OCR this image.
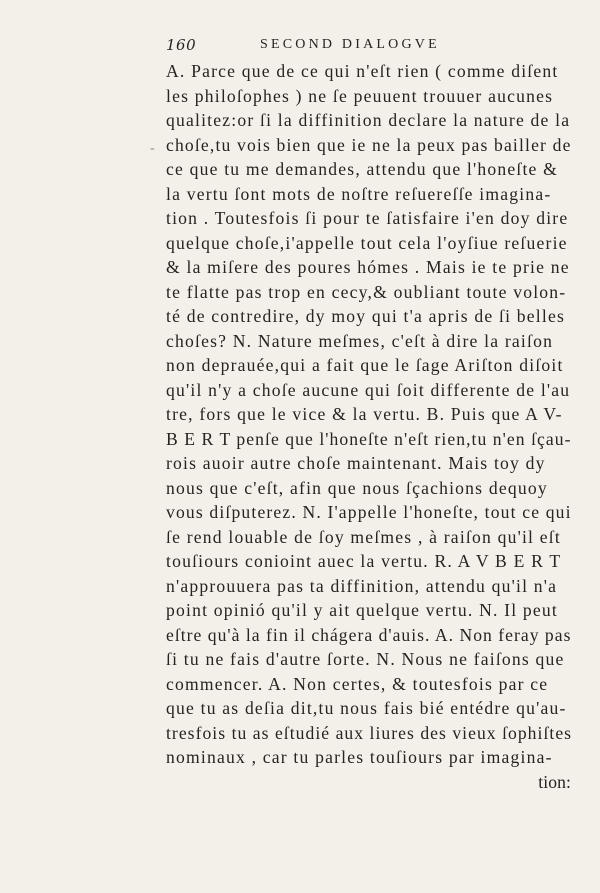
160	SECOND DIALOGVE
-
A. Parce que de ce qui n'eſt rien ( comme diſent
les philoſophes ) ne ſe peuuent trouuer aucunes
qualitez:or ſi la diffinition declare la nature de la
choſe,tu vois bien que ie ne la peux pas bailler de
ce que tu me demandes, attendu que l'honeſte &
la vertu ſont mots de noſtre reſuereſſe imagina-
tion . Toutesfois ſi pour te ſatisfaire i'en doy dire
quelque choſe,i'appelle tout cela l'oyſiue reſuerie
& la miſere des poures hómes . Mais ie te prie ne
te flatte pas trop en cecy,& oubliant toute volon-
té de contredire, dy moy qui t'a apris de ſi belles
choſes? N. Nature meſmes, c'eſt à dire la raiſon
non deprauée,qui a fait que le ſage Ariſton diſoit
qu'il n'y a choſe aucune qui ſoit differente de l'au
tre, fors que le vice & la vertu. B. Puis que A V-
B E R T penſe que l'honeſte n'eſt rien,tu n'en ſçau-
rois auoir autre choſe maintenant. Mais toy dy
nous que c'eſt, afin que nous ſçachions dequoy
vous diſputerez. N. I'appelle l'honeſte, tout ce qui
ſe rend louable de ſoy meſmes , à raiſon qu'il eſt
touſiours conioint auec la vertu. R. A V B E R T
n'approuuera pas ta diffinition, attendu qu'il n'a
point opinió qu'il y ait quelque vertu. N. Il peut
eſtre qu'à la fin il chágera d'auis. A. Non feray pas
ſi tu ne fais d'autre ſorte. N. Nous ne faiſons que
commencer. A. Non certes, & toutesfois par ce
que tu as deſia dit,tu nous fais bié entédre qu'au-
tresfois tu as eſtudié aux liures des vieux ſophiſtes
nominaux , car tu parles touſiours par imagina-
tion:
